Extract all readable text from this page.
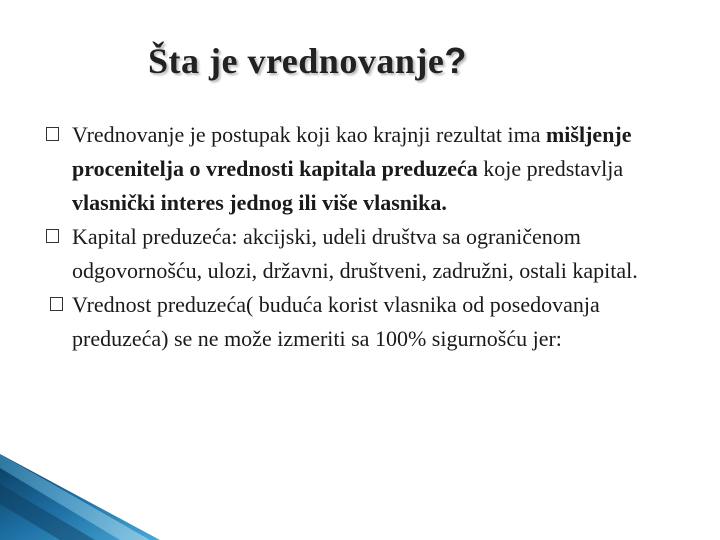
Šta je vrednovanje?
Vrednovanje je postupak koji kao krajnji rezultat ima mišljenje procenitelja o vrednosti kapitala preduzeća koje predstavlja vlasnički interes jednog ili više vlasnika.
Kapital preduzeća: akcijski, udeli društva sa ograničenom odgovornošću, ulozi, državni, društveni, zadružni, ostali kapital.
Vrednost preduzeća( buduća korist vlasnika od posedovanja preduzeća) se ne može izmeriti sa 100% sigurnošću jer:
